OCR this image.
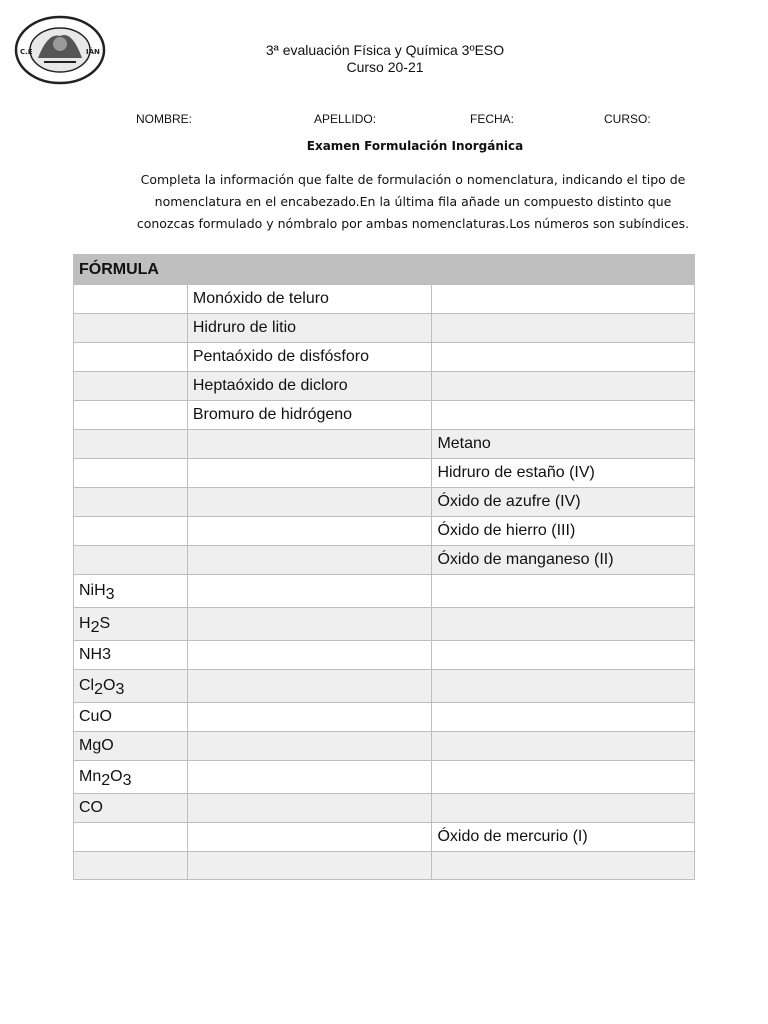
C.E	IÁN	3ª evaluación Física y Química 3ºESO
Curso 20-21
NOMBRE:	APELLIDO:	FECHA:	CURSO:
Examen Formulación Inorgánica
Completa la información que falte de formulación o nomenclatura, indicando el tipo de
nomenclatura en el encabezado.En la última fila añade un compuesto distinto que
conozcas formulado y nómbralo por ambas nomenclaturas.Los números son subíndices.
FÓRMULA		
	Monóxido de teluro	
	Hidruro de litio	
	Pentaóxido de disfósforo	
	Heptaóxido de dicloro	
	Bromuro de hidrógeno	
		Metano
		Hidruro de estaño (IV)
		Óxido de azufre (IV)
		Óxido de hierro (III)
		Óxido de manganeso (II)
NiH$_3$		
$H_2S$		
NH3		
$Cl_2O_3$		
CuO		
MgO		
$Mn_2O_3$		
CO		
		Óxido de mercurio (I)
